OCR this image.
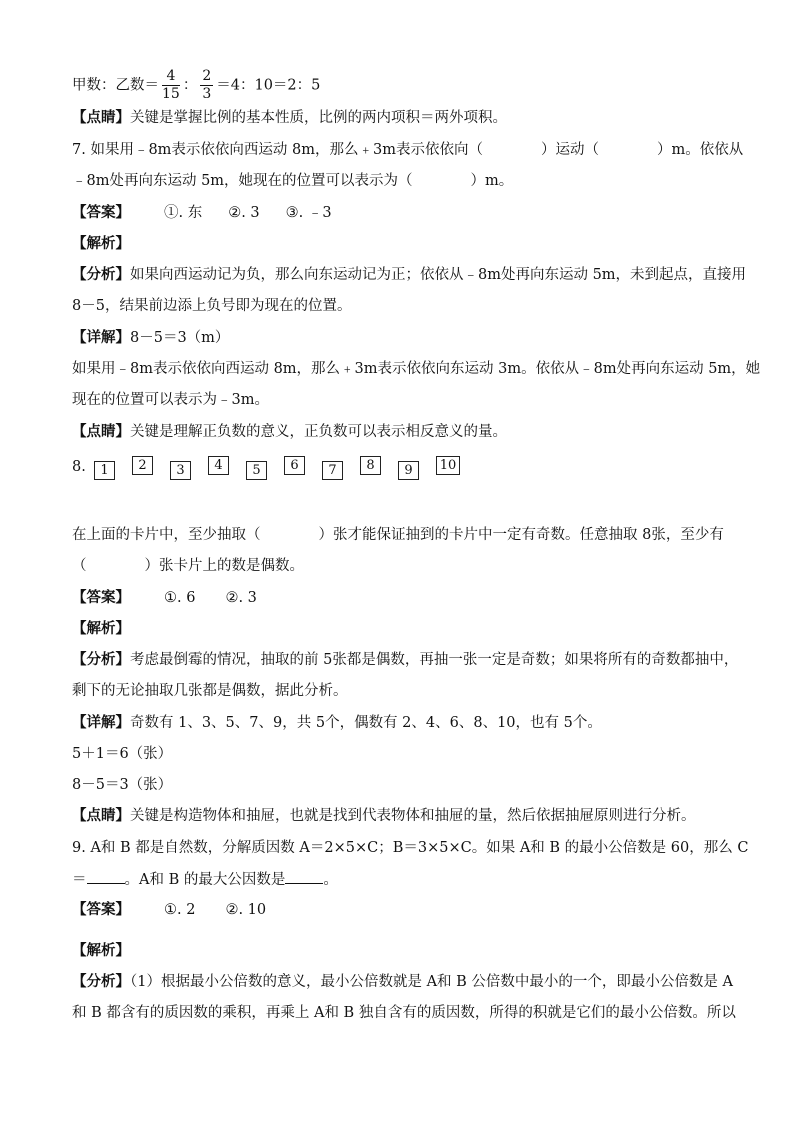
甲数：乙数＝ $\frac{4}{15}$ ： $\frac{2}{3} =4$：10＝2：5
【点睛】关键是掌握比例的基本性质，比例的两内项积＝两外项积。
7. 如果用﹣8m表示依依向西运动 8m，那么﹢3m表示依依向（　　　　）运动（　　　　）m。依依从
﹣8m处再向东运动 5m，她现在的位置可以表示为（　　　　）m。
【答案】 ①. 东 ②. 3 ③. ﹣3
【解析】
【分析】如果向西运动记为负，那么向东运动记为正；依依从﹣8m处再向东运动 5m，未到起点，直接用
8－5，结果前边添上负号即为现在的位置。
【详解】8－5＝3（m）
如果用﹣8m表示依依向西运动 8m，那么﹢3m表示依依向东运动 3m。依依从﹣8m处再向东运动 5m，她
现在的位置可以表示为﹣3m。
【点睛】关键是理解正负数的意义，正负数可以表示相反意义的量。
8.	1	2	3	4	5	6	7	8	9	10
在上面的卡片中，至少抽取（　　　　）张才能保证抽到的卡片中一定有奇数。任意抽取 8张，至少有
（　　　　）张卡片上的数是偶数。
【答案】 ①. 6 ②. 3
【解析】
【分析】考虑最倒霉的情况，抽取的前 5张都是偶数，再抽一张一定是奇数；如果将所有的奇数都抽中，
剩下的无论抽取几张都是偶数，据此分析。
【详解】奇数有 1、3、5、7、9，共 5个，偶数有 2、4、6、8、10，也有 5个。
5＋1＝6（张）
8－5＝3（张）
【点睛】关键是构造物体和抽屉，也就是找到代表物体和抽屉的量，然后依据抽屉原则进行分析。
9. A和 B 都是自然数，分解质因数 A＝2×5×C；B＝3×5×C。如果 A和 B 的最小公倍数是 60，那么 C
＝	。A和 B 的最大公因数是	。
【答案】 ①. 2 ②. 10
【解析】
【分析】（1）根据最小公倍数的意义，最小公倍数就是 A和 B 公倍数中最小的一个，即最小公倍数是 A
和 B 都含有的质因数的乘积，再乘上 A和 B 独自含有的质因数，所得的积就是它们的最小公倍数。所以
